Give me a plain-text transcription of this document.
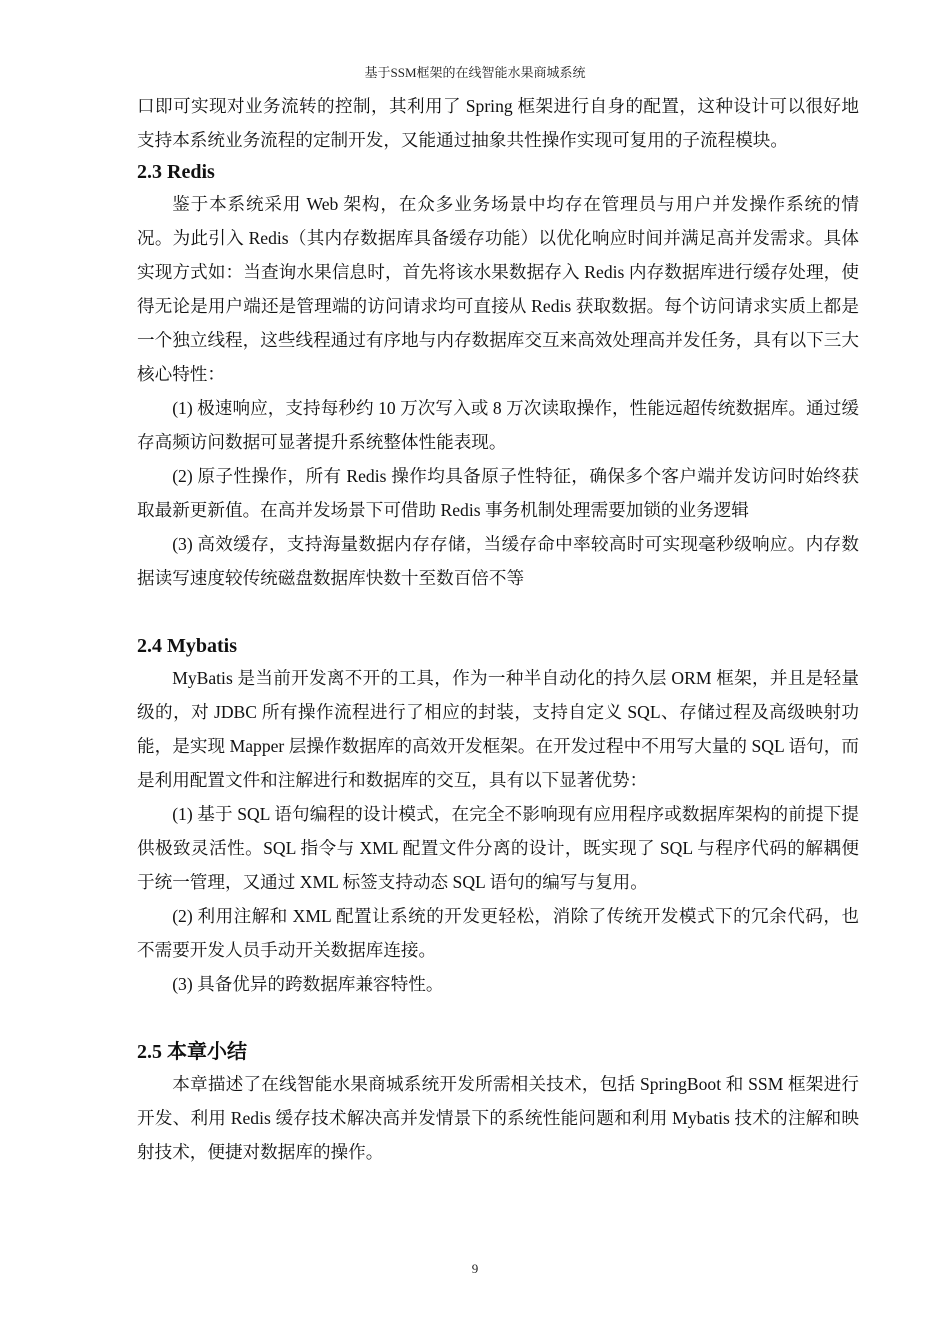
基于SSM框架的在线智能水果商城系统

口即可实现对业务流转的控制，其利用了 Spring 框架进行自身的配置，这种设计可以很好地支持本系统业务流程的定制开发，又能通过抽象共性操作实现可复用的子流程模块。

2.3 Redis

鉴于本系统采用 Web 架构，在众多业务场景中均存在管理员与用户并发操作系统的情况。为此引入 Redis（其内存数据库具备缓存功能）以优化响应时间并满足高并发需求。具体实现方式如：当查询水果信息时，首先将该水果数据存入 Redis 内存数据库进行缓存处理，使得无论是用户端还是管理端的访问请求均可直接从 Redis 获取数据。每个访问请求实质上都是一个独立线程，这些线程通过有序地与内存数据库交互来高效处理高并发任务，具有以下三大核心特性：

(1) 极速响应，支持每秒约 10 万次写入或 8 万次读取操作，性能远超传统数据库。通过缓存高频访问数据可显著提升系统整体性能表现。

(2) 原子性操作，所有 Redis 操作均具备原子性特征，确保多个客户端并发访问时始终获取最新更新值。在高并发场景下可借助 Redis 事务机制处理需要加锁的业务逻辑

(3) 高效缓存，支持海量数据内存存储，当缓存命中率较高时可实现毫秒级响应。内存数据读写速度较传统磁盘数据库快数十至数百倍不等

2.4 Mybatis

MyBatis 是当前开发离不开的工具，作为一种半自动化的持久层 ORM 框架，并且是轻量级的，对 JDBC 所有操作流程进行了相应的封装，支持自定义 SQL、存储过程及高级映射功能，是实现 Mapper 层操作数据库的高效开发框架。在开发过程中不用写大量的 SQL 语句，而是利用配置文件和注解进行和数据库的交互，具有以下显著优势：

(1) 基于 SQL 语句编程的设计模式，在完全不影响现有应用程序或数据库架构的前提下提供极致灵活性。SQL 指令与 XML 配置文件分离的设计，既实现了 SQL 与程序代码的解耦便于统一管理，又通过 XML 标签支持动态 SQL 语句的编写与复用。

(2) 利用注解和 XML 配置让系统的开发更轻松，消除了传统开发模式下的冗余代码，也不需要开发人员手动开关数据库连接。

(3) 具备优异的跨数据库兼容特性。

2.5 本章小结

本章描述了在线智能水果商城系统开发所需相关技术，包括 SpringBoot 和 SSM 框架进行开发、利用 Redis 缓存技术解决高并发情景下的系统性能问题和利用 Mybatis 技术的注解和映射技术，便捷对数据库的操作。

9
